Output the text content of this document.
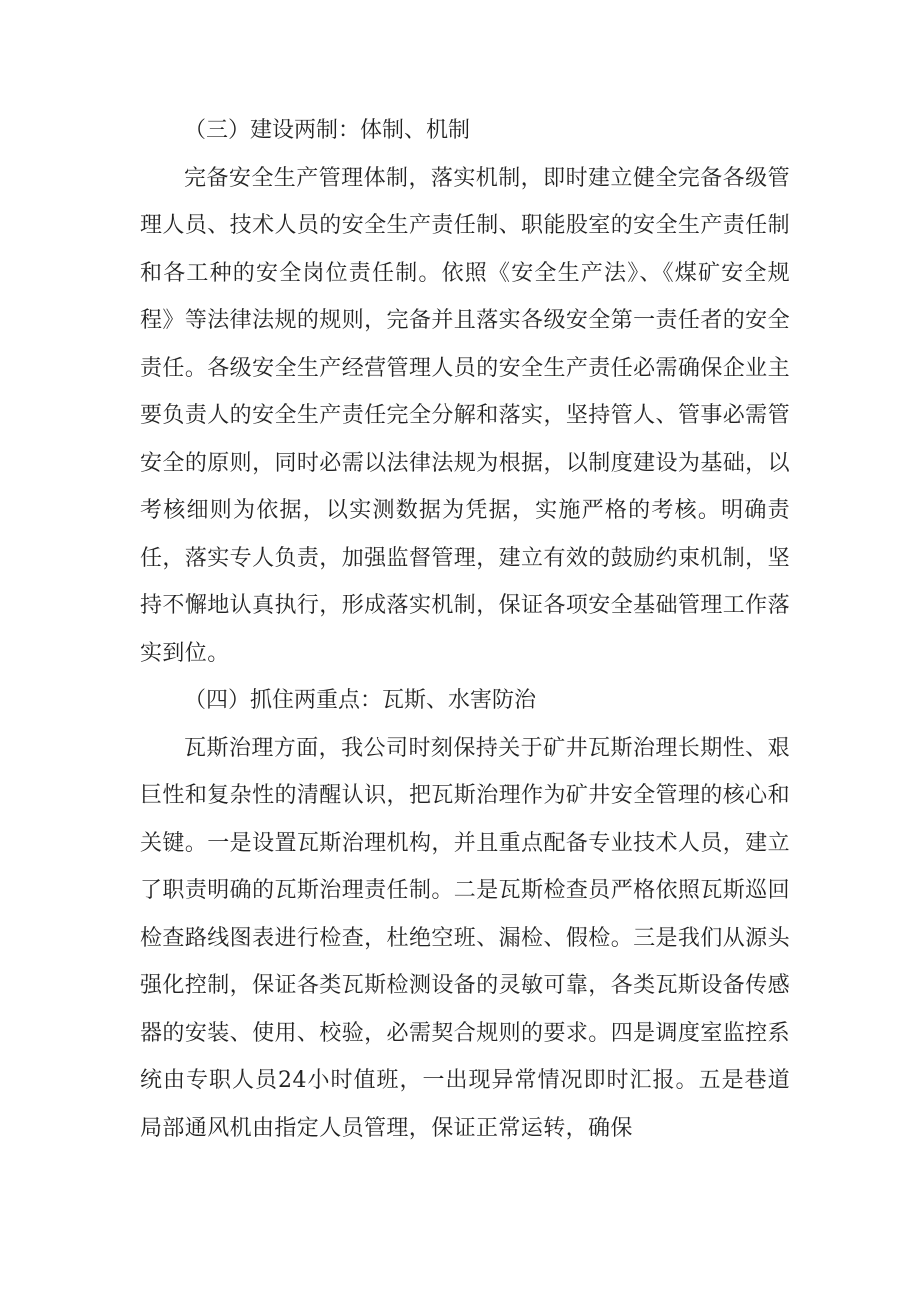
（三）建设两制：体制、机制

完备安全生产管理体制，落实机制，即时建立健全完备各级管理人员、技术人员的安全生产责任制、职能股室的安全生产责任制和各工种的安全岗位责任制。依照《安全生产法》、《煤矿安全规程》等法律法规的规则，完备并且落实各级安全第一责任者的安全责任。各级安全生产经营管理人员的安全生产责任必需确保企业主要负责人的安全生产责任完全分解和落实，坚持管人、管事必需管安全的原则，同时必需以法律法规为根据，以制度建设为基础，以考核细则为依据，以实测数据为凭据，实施严格的考核。明确责任，落实专人负责，加强监督管理，建立有效的鼓励约束机制，坚持不懈地认真执行，形成落实机制，保证各项安全基础管理工作落实到位。

（四）抓住两重点：瓦斯、水害防治

瓦斯治理方面，我公司时刻保持关于矿井瓦斯治理长期性、艰巨性和复杂性的清醒认识，把瓦斯治理作为矿井安全管理的核心和关键。一是设置瓦斯治理机构，并且重点配备专业技术人员，建立了职责明确的瓦斯治理责任制。二是瓦斯检查员严格依照瓦斯巡回检查路线图表进行检查，杜绝空班、漏检、假检。三是我们从源头强化控制，保证各类瓦斯检测设备的灵敏可靠，各类瓦斯设备传感器的安装、使用、校验，必需契合规则的要求。四是调度室监控系统由专职人员24小时值班，一出现异常情况即时汇报。五是巷道局部通风机由指定人员管理，保证正常运转，确保
